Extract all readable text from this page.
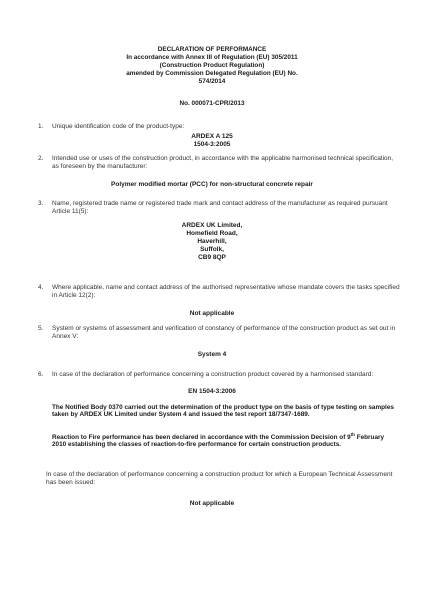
DECLARATION OF PERFORMANCE
In accordance with Annex III of Regulation (EU) 305/2011
(Construction Product Regulation)
amended by Commission Delegated Regulation (EU) No.
574/2014
No. 000071-CPR/2013
1. Unique identification code of the product-type:
ARDEX A 125
1504-3:2005
2. Intended use or uses of the construction product, in accordance with the applicable harmonised technical specification, as foreseen by the manufacturer:
Polymer modified mortar (PCC) for non-structural concrete repair
3. Name, registered trade name or registered trade mark and contact address of the manufacturer as required pursuant Article 11(5):
ARDEX UK Limited,
Homefield Road,
Haverhill,
Suffolk,
CB9 8QP
4. Where applicable, name and contact address of the authorised representative whose mandate covers the tasks specified in Article 12(2):
Not applicable
5. System or systems of assessment and verification of constancy of performance of the construction product as set out in Annex V:
System 4
6. In case of the declaration of performance concerning a construction product covered by a harmonised standard:
EN 1504-3:2006
The Notified Body 0370 carried out the determination of the product type on the basis of type testing on samples taken by ARDEX UK Limited under System 4 and issued the test report 18/7347-1689.
Reaction to Fire performance has been declared in accordance with the Commission Decision of 9th February 2010 establishing the classes of reaction-to-fire performance for certain construction products.
In case of the declaration of performance concerning a construction product for which a European Technical Assessment has been issued:
Not applicable
